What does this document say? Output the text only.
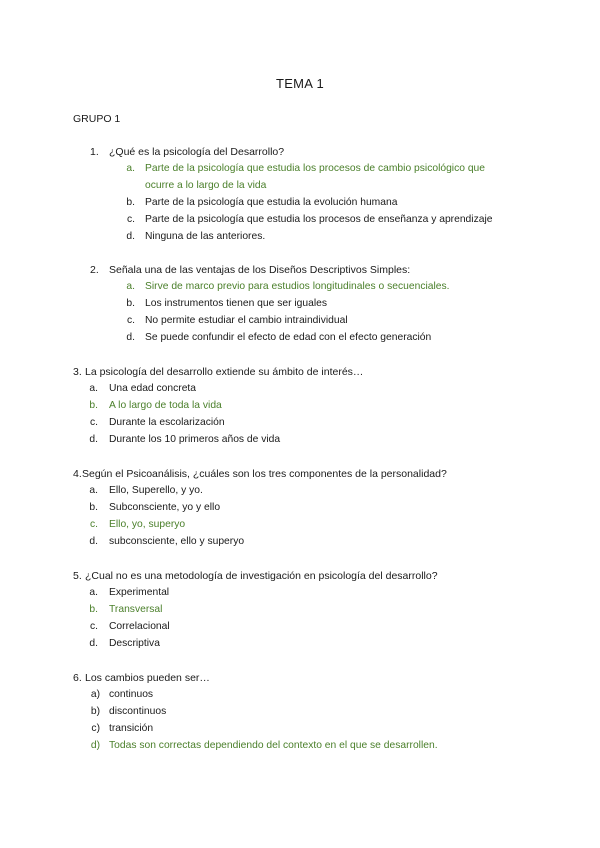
TEMA 1
GRUPO 1
1. ¿Qué es la psicología del Desarrollo?
a. Parte de la psicología que estudia los procesos de cambio psicológico que
ocurre a lo largo de la vida
b. Parte de la psicología que estudia la evolución humana
c. Parte de la psicología que estudia los procesos de enseñanza y aprendizaje
d. Ninguna de las anteriores.
2. Señala una de las ventajas de los Diseños Descriptivos Simples:
a. Sirve de marco previo para estudios longitudinales o secuenciales.
b. Los instrumentos tienen que ser iguales
c. No permite estudiar el cambio intraindividual
d. Se puede confundir el efecto de edad con el efecto generación
3. La psicología del desarrollo extiende su ámbito de interés…
a. Una edad concreta
b. A lo largo de toda la vida
c. Durante la escolarización
d. Durante los 10 primeros años de vida
4. Según el Psicoanálisis, ¿cuáles son los tres componentes de la personalidad?
a. Ello, Superello, y yo.
b. Subconsciente, yo y ello
c. Ello, yo, superyo
d. subconsciente, ello y superyo
5. ¿Cual no es una metodología de investigación en psicología del desarrollo?
a. Experimental
b. Transversal
c. Correlacional
d. Descriptiva
6. Los cambios pueden ser…
a) continuos
b) discontinuos
c) transición
d) Todas son correctas dependiendo del contexto en el que se desarrollen.
